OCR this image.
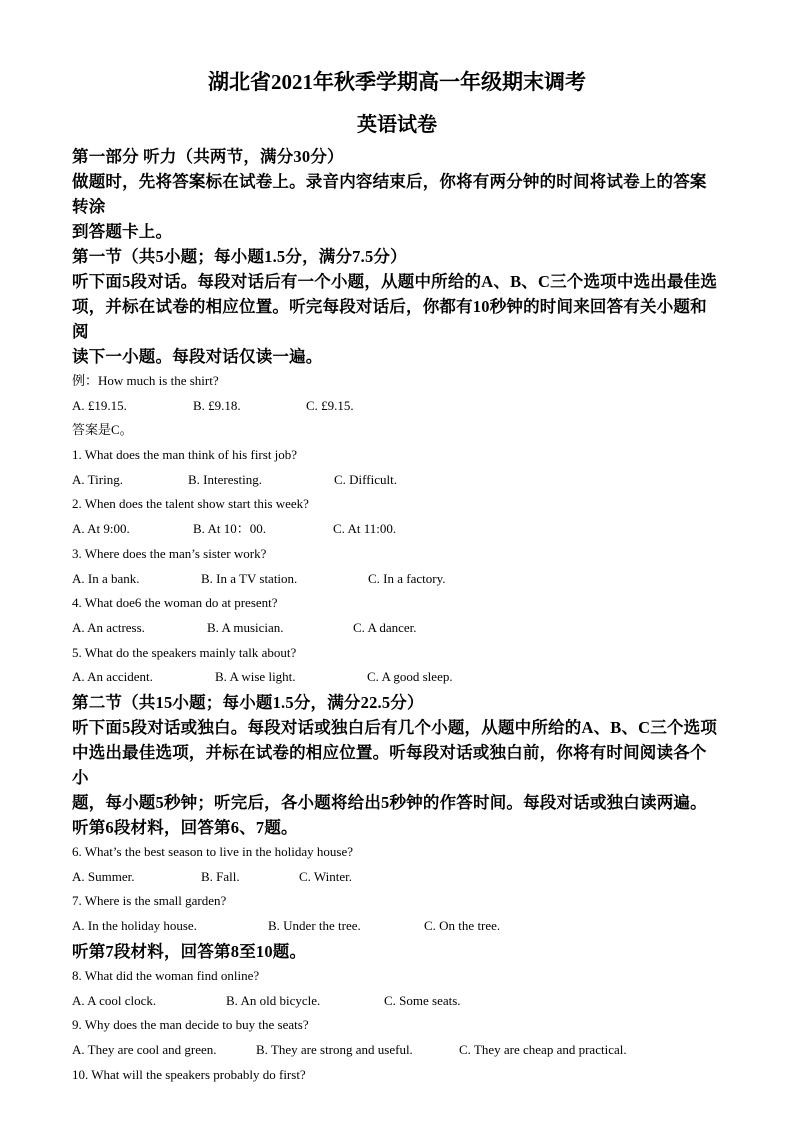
湖北省2021年秋季学期高一年级期末调考
英语试卷
第一部分 听力（共两节，满分30分）
做题时，先将答案标在试卷上。录音内容结束后，你将有两分钟的时间将试卷上的答案转涂
到答题卡上。
第一节（共5小题；每小题1.5分，满分7.5分）
听下面5段对话。每段对话后有一个小题，从题中所给的A、B、C三个选项中选出最佳选
项，并标在试卷的相应位置。听完每段对话后，你都有10秒钟的时间来回答有关小题和阅
读下一小题。每段对话仅读一遍。
例：How much is the shirt?
A. £19.15.	B. £9.18.	C. £9.15.
答案是C。
1. What does the man think of his first job?
A. Tiring.	B. Interesting.	C. Difficult.
2. When does the talent show start this week?
A. At 9:00.	B. At 10：00.	C. At 11:00.
3. Where does the man’s sister work?
A. In a bank.	B. In a TV station.	C. In a factory.
4. What doe6 the woman do at present?
A. An actress.	B. A musician.	C. A dancer.
5. What do the speakers mainly talk about?
A. An accident.	B. A wise light.	C. A good sleep.
第二节（共15小题；每小题1.5分，满分22.5分）
听下面5段对话或独白。每段对话或独白后有几个小题，从题中所给的A、B、C三个选项
中选出最佳选项，并标在试卷的相应位置。听每段对话或独白前，你将有时间阅读各个小
题，每小题5秒钟；听完后，各小题将给出5秒钟的作答时间。每段对话或独白读两遍。
听第6段材料，回答第6、7题。
6. What’s the best season to live in the holiday house?
A. Summer.	B. Fall.	C. Winter.
7. Where is the small garden?
A. In the holiday house.	B. Under the tree.	C. On the tree.
听第7段材料，回答第8至10题。
8. What did the woman find online?
A. A cool clock.	B. An old bicycle.	C. Some seats.
9. Why does the man decide to buy the seats?
A. They are cool and green.	B. They are strong and useful.	C. They are cheap and practical.
10. What will the speakers probably do first?
